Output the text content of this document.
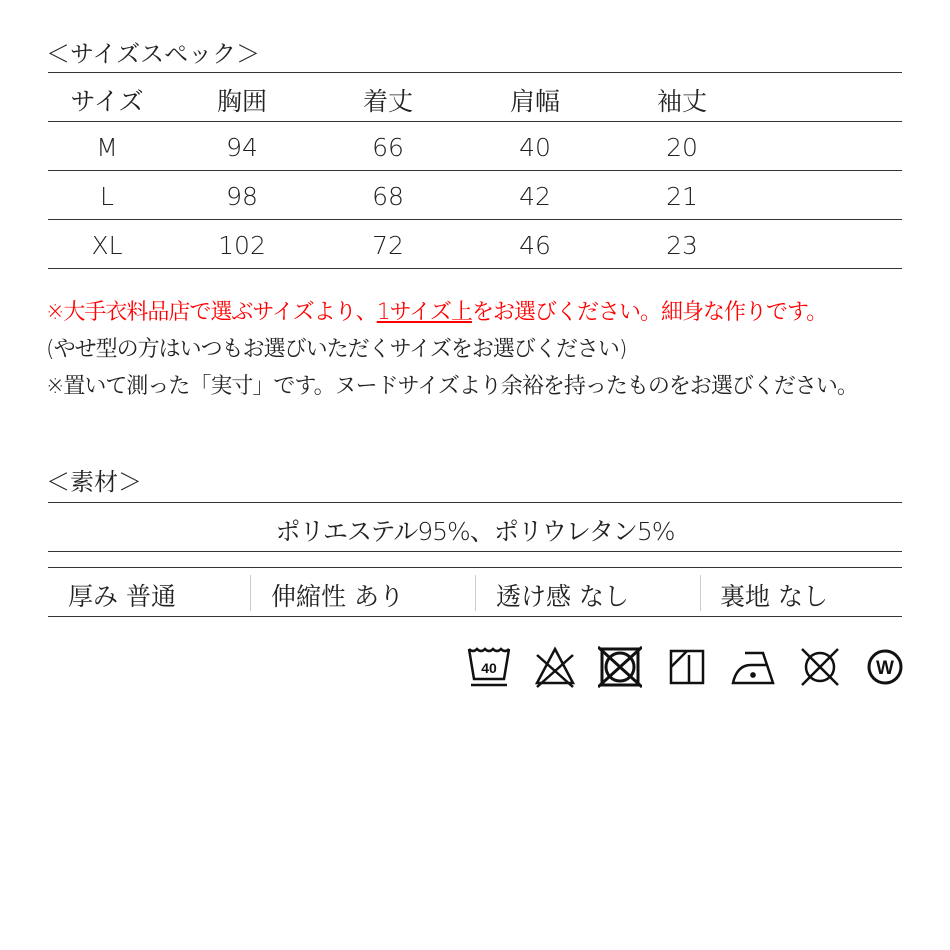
＜サイズスペック＞
サイズ	胸囲	着丈	肩幅	袖丈
M	94	66	40	20
L	98	68	42	21
XL	102	72	46	23
※大手衣料品店で選ぶサイズより、1サイズ上をお選びください。細身な作りです。
(やせ型の方はいつもお選びいただくサイズをお選びください)
※置いて測った「実寸」です。ヌードサイズより余裕を持ったものをお選びください。
＜素材＞
ポリエステル95%、ポリウレタン5%
厚み 普通	伸縮性 あり	透け感 なし	裏地 なし
40	W
